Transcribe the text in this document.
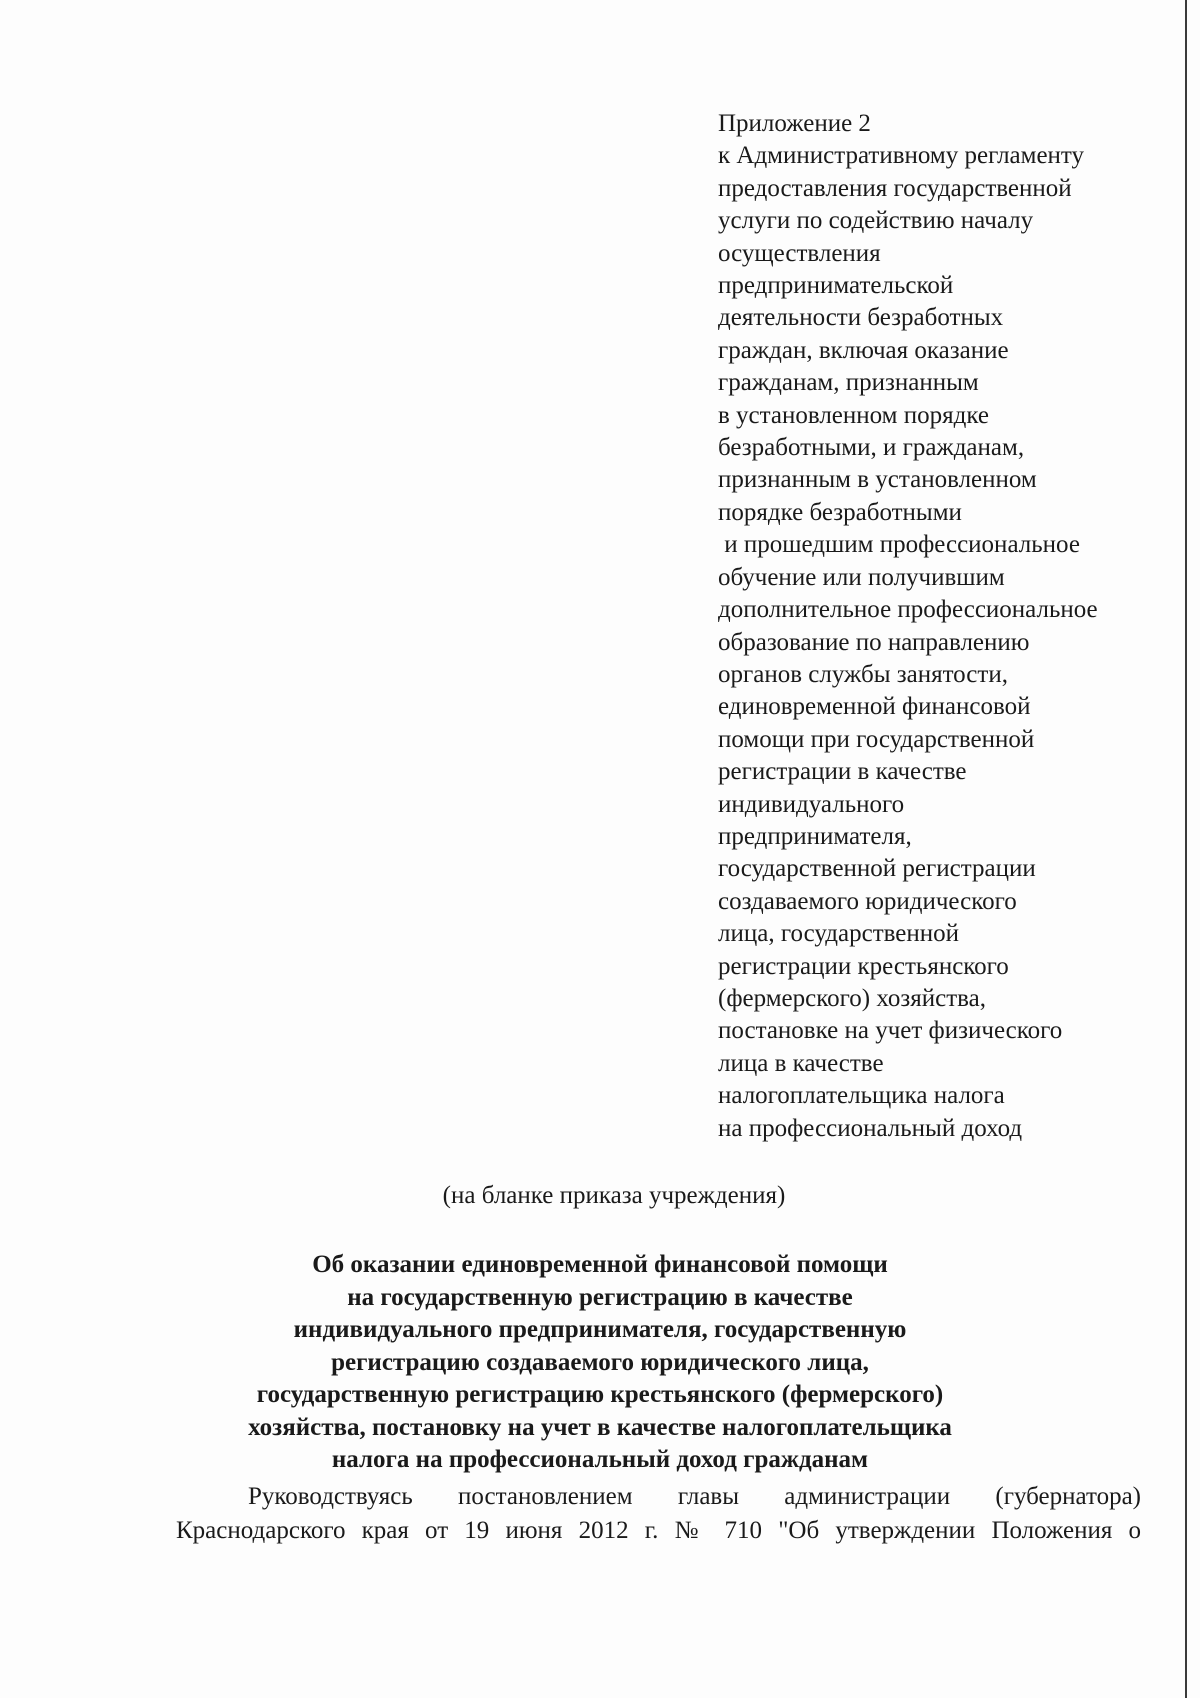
Приложение 2
к Административному регламенту
предоставления государственной
услуги по содействию началу
осуществления
предпринимательской
деятельности безработных
граждан, включая оказание
гражданам, признанным
в установленном порядке
безработными, и гражданам,
признанным в установленном
порядке безработными
и прошедшим профессиональное
обучение или получившим
дополнительное профессиональное
образование по направлению
органов службы занятости,
единовременной финансовой
помощи при государственной
регистрации в качестве
индивидуального
предпринимателя,
государственной регистрации
создаваемого юридического
лица, государственной
регистрации крестьянского
(фермерского) хозяйства,
постановке на учет физического
лица в качестве
налогоплательщика налога
на профессиональный доход
(на бланке приказа учреждения)
Об оказании единовременной финансовой помощи
на государственную регистрацию в качестве
индивидуального предпринимателя, государственную
регистрацию создаваемого юридического лица,
государственную регистрацию крестьянского (фермерского)
хозяйства, постановку на учет в качестве налогоплательщика
налога на профессиональный доход гражданам
Руководствуясь постановлением главы администрации (губернатора)
Краснодарского края от 19 июня 2012 г. № 710 "Об утверждении Положения о
